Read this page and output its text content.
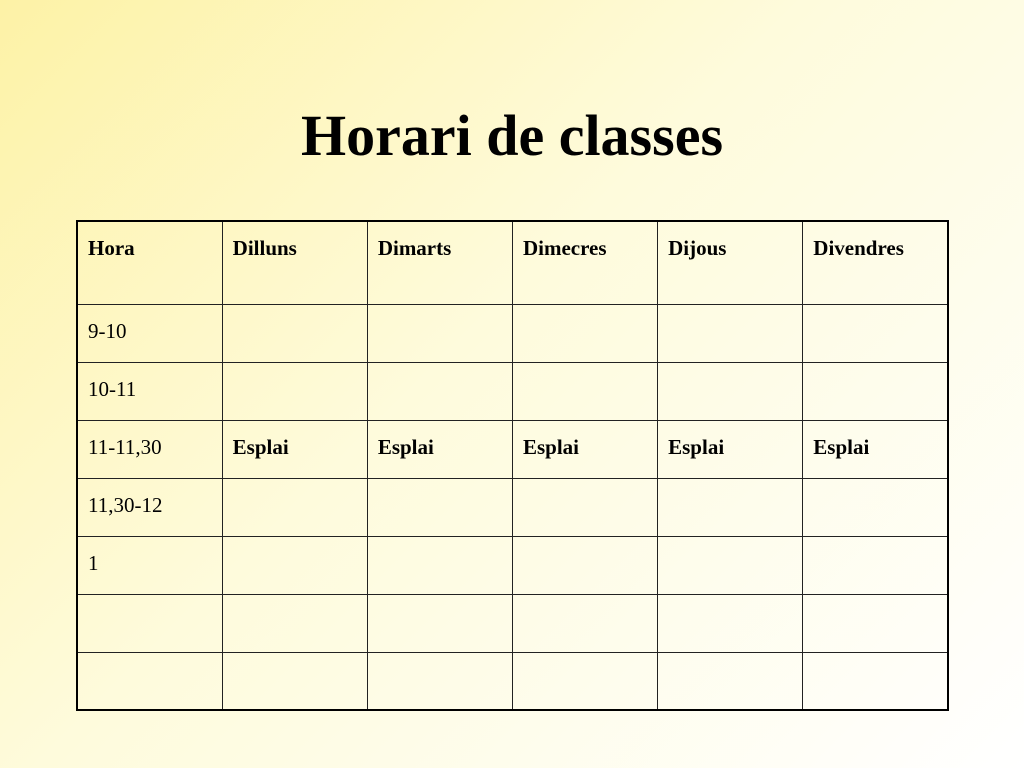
Horari de classes
Hora	Dilluns	Dimarts	Dimecres	Dijous	Divendres
9-10					
10-11					
11-11,30	Esplai	Esplai	Esplai	Esplai	Esplai
11,30-12					
1					
